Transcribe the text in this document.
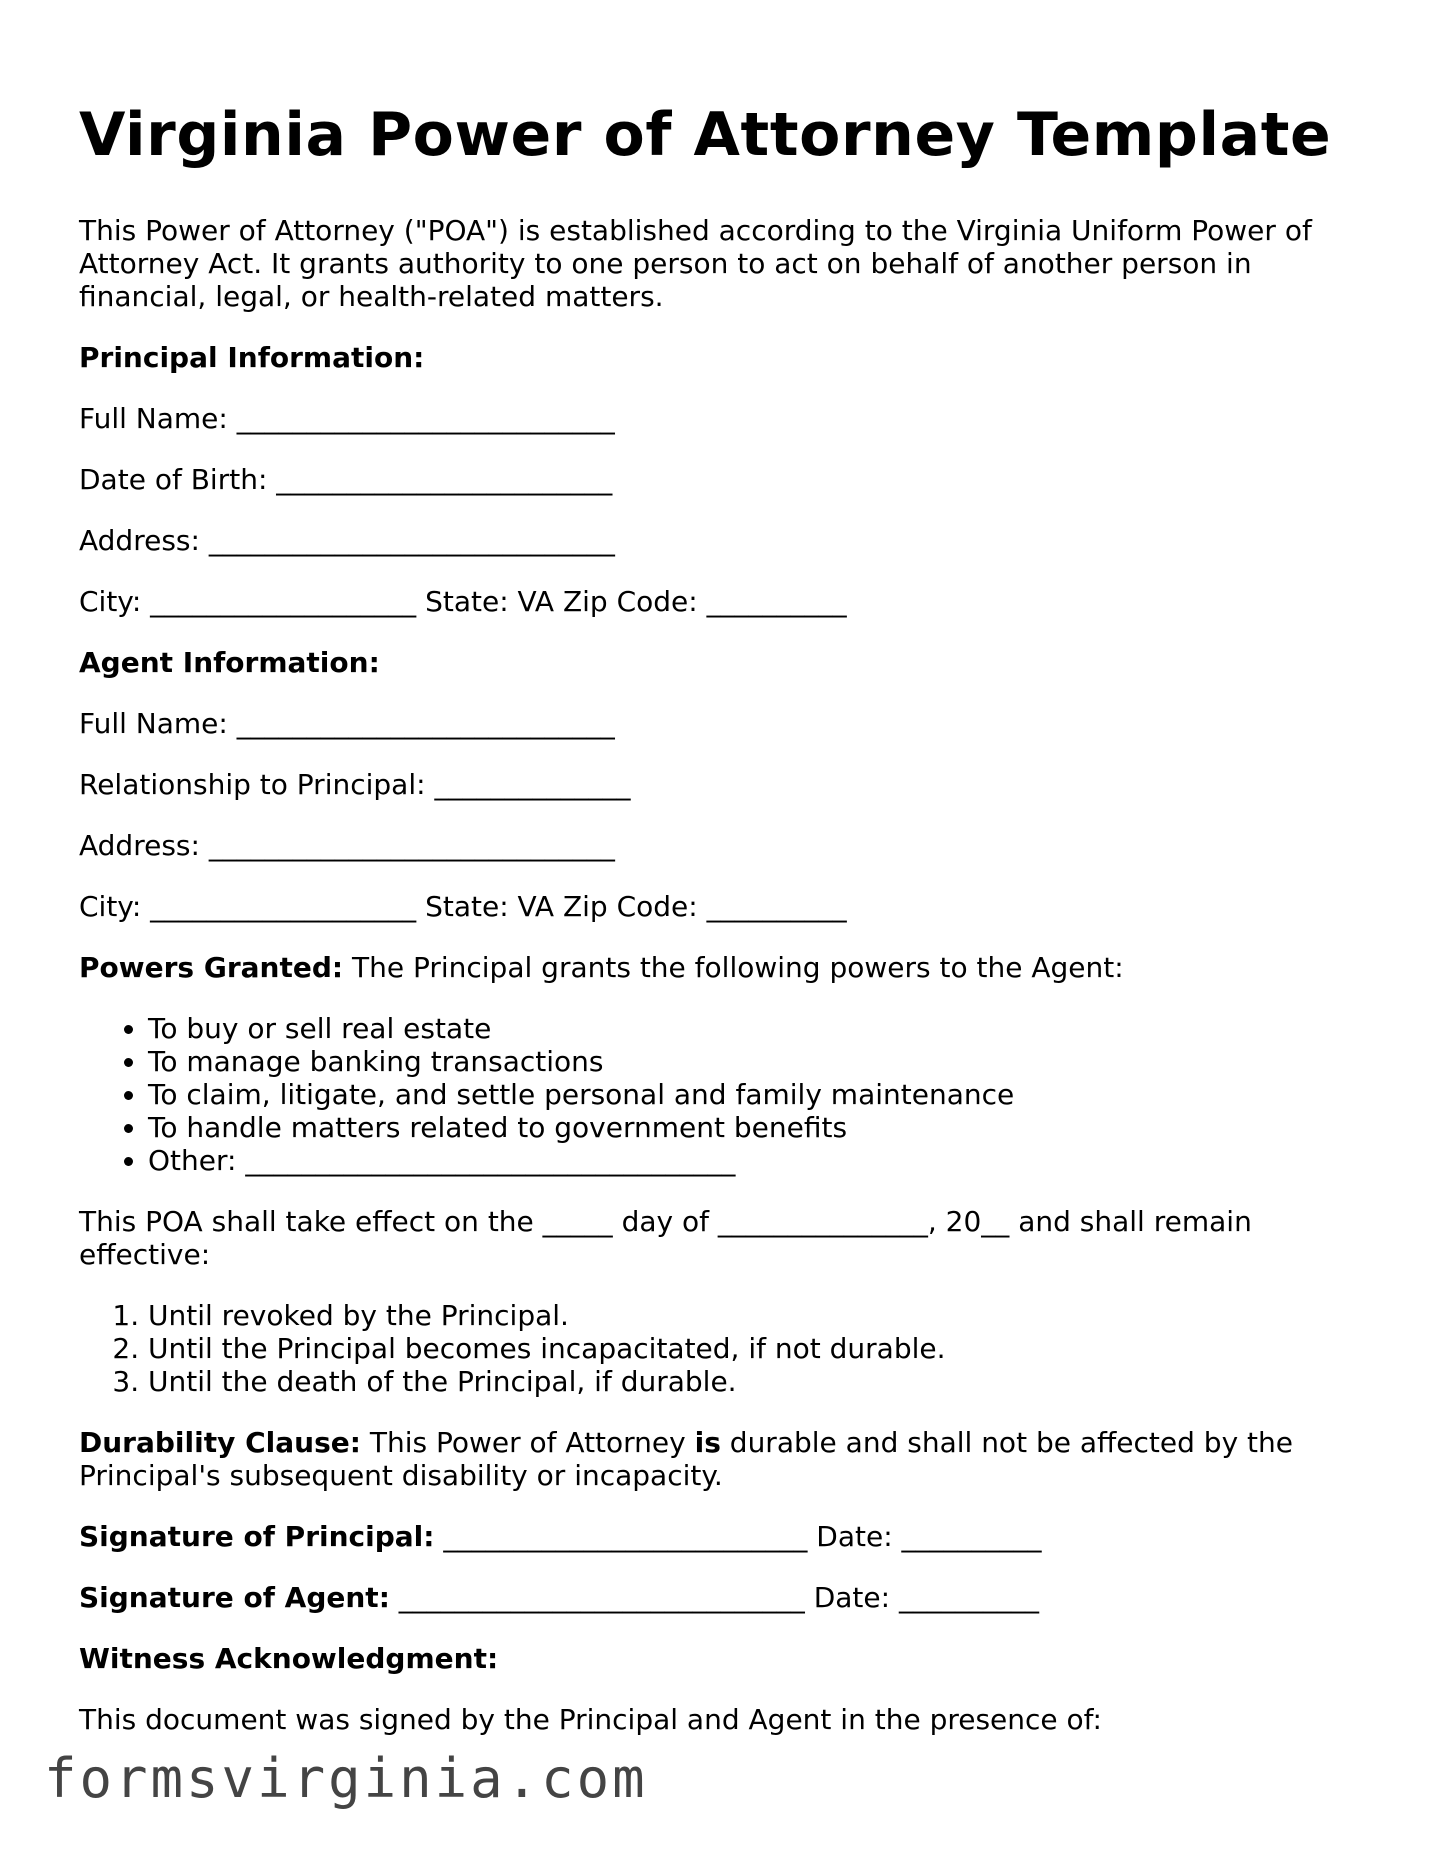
Virginia Power of Attorney Template

This Power of Attorney ("POA") is established according to the Virginia Uniform Power of Attorney Act. It grants authority to one person to act on behalf of another person in financial, legal, or health-related matters.

Principal Information:

Full Name: ___________________________

Date of Birth: ________________________

Address: _____________________________

City: ___________________ State: VA Zip Code: __________

Agent Information:

Full Name: ___________________________

Relationship to Principal: ______________

Address: _____________________________

City: ___________________ State: VA Zip Code: __________

Powers Granted: The Principal grants the following powers to the Agent:

• To buy or sell real estate
• To manage banking transactions
• To claim, litigate, and settle personal and family maintenance
• To handle matters related to government benefits
• Other: ___________________________________

This POA shall take effect on the _____ day of _______________, 20__ and shall remain effective:

1. Until revoked by the Principal.
2. Until the Principal becomes incapacitated, if not durable.
3. Until the death of the Principal, if durable.

Durability Clause: This Power of Attorney is durable and shall not be affected by the Principal's subsequent disability or incapacity.

Signature of Principal: __________________________ Date: __________

Signature of Agent: _____________________________ Date: __________

Witness Acknowledgment:

This document was signed by the Principal and Agent in the presence of:

formsvirginia.com
